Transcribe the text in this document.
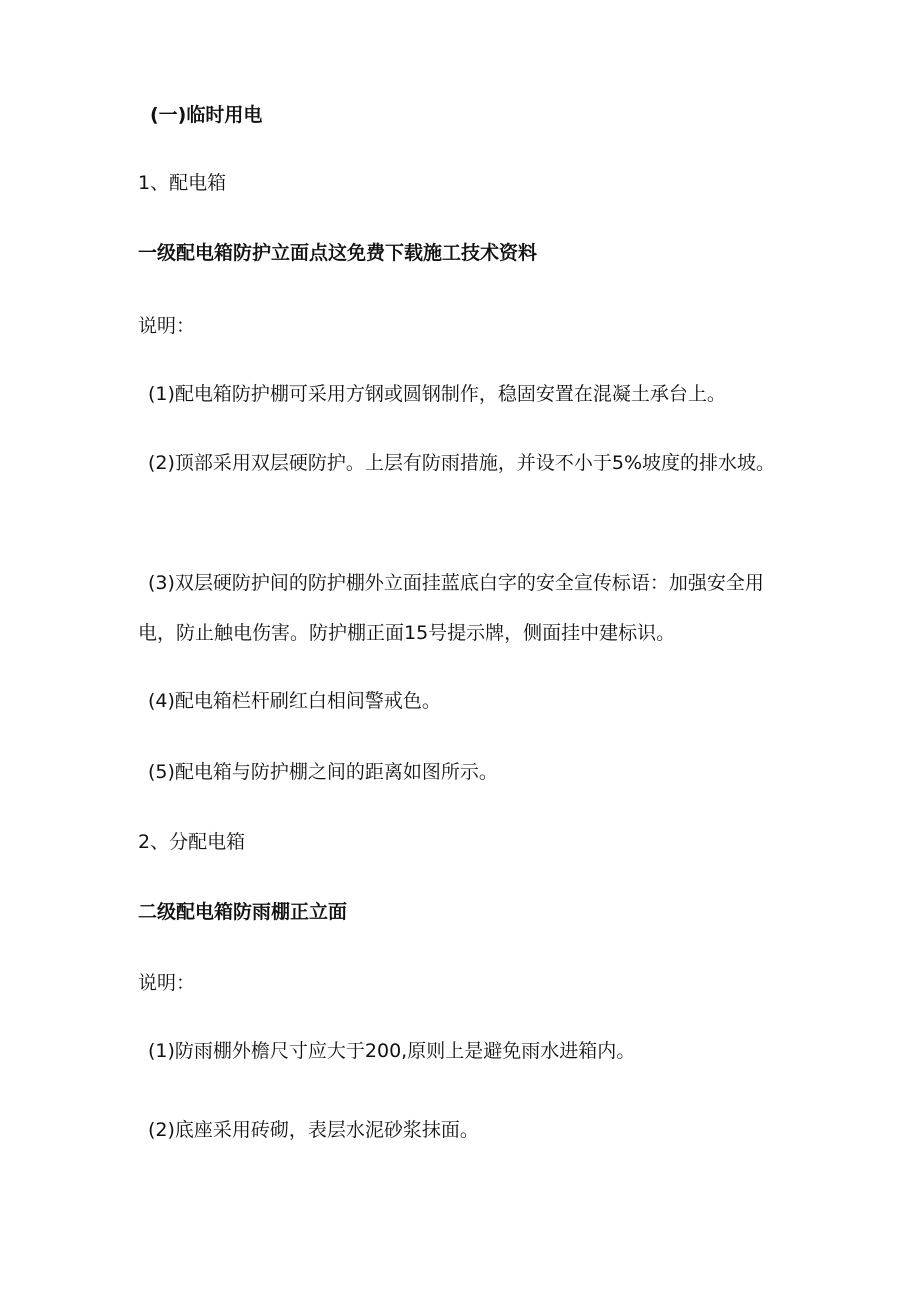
(一)临时用电
1、配电箱
一级配电箱防护立面点这免费下载施工技术资料
说明：
(1)配电箱防护棚可采用方钢或圆钢制作，稳固安置在混凝土承台上。
(2)顶部采用双层硬防护。上层有防雨措施，并设不小于5%坡度的排水坡。
(3)双层硬防护间的防护棚外立面挂蓝底白字的安全宣传标语：加强安全用电，防止触电伤害。防护棚正面15号提示牌，侧面挂中建标识。
(4)配电箱栏杆刷红白相间警戒色。
(5)配电箱与防护棚之间的距离如图所示。
2、分配电箱
二级配电箱防雨棚正立面
说明：
(1)防雨棚外檐尺寸应大于200,原则上是避免雨水进箱内。
(2)底座采用砖砌，表层水泥砂浆抹面。
